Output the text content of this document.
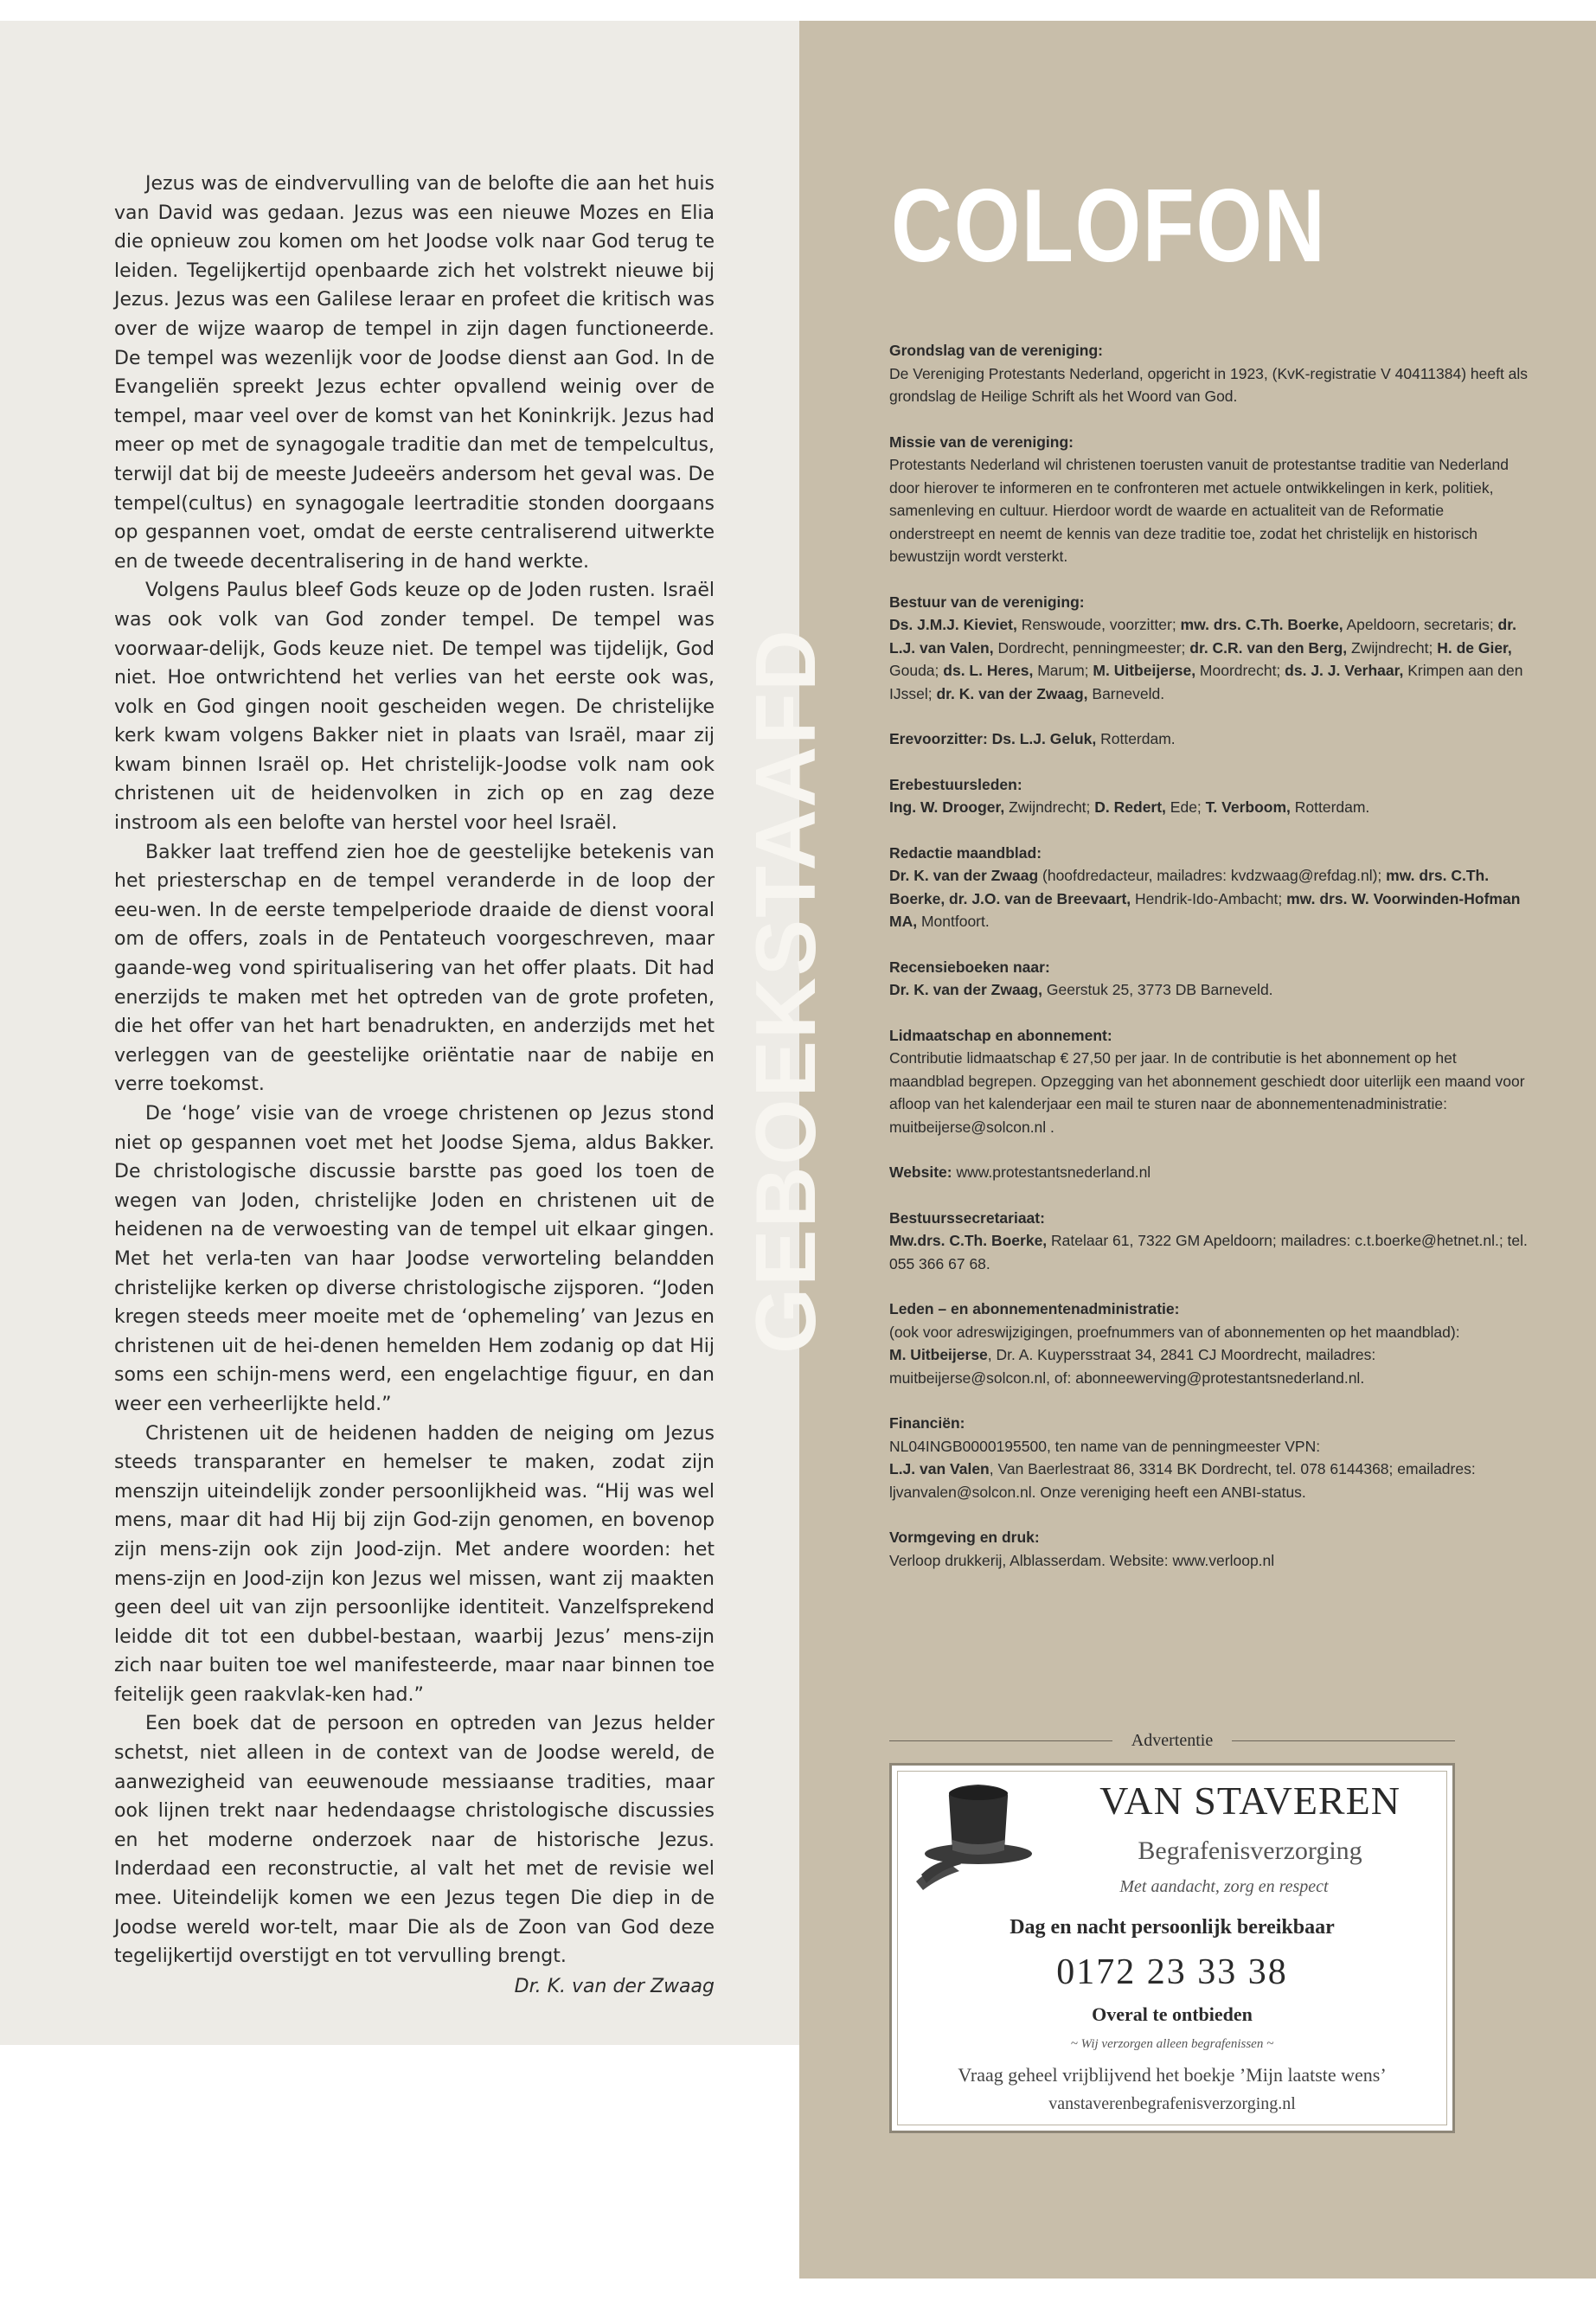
GEBOEKSTAAFD

Jezus was de eindvervulling van de belofte die aan het huis van David was gedaan. Jezus was een nieuwe Mozes en Elia die opnieuw zou komen om het Joodse volk naar God terug te leiden. Tegelijkertijd openbaarde zich het volstrekt nieuwe bij Jezus. Jezus was een Galilese leraar en profeet die kritisch was over de wijze waarop de tempel in zijn dagen functioneerde. De tempel was wezenlijk voor de Joodse dienst aan God. In de Evangeliën spreekt Jezus echter opvallend weinig over de tempel, maar veel over de komst van het Koninkrijk. Jezus had meer op met de synagogale traditie dan met de tempelcultus, terwijl dat bij de meeste Judeeërs andersom het geval was. De tempel(cultus) en synagogale leertraditie stonden doorgaans op gespannen voet, omdat de eerste centraliserend uitwerkte en de tweede decentralisering in de hand werkte.

Volgens Paulus bleef Gods keuze op de Joden rusten. Israël was ook volk van God zonder tempel. De tempel was voorwaar-delijk, Gods keuze niet. De tempel was tijdelijk, God niet. Hoe ontwrichtend het verlies van het eerste ook was, volk en God gingen nooit gescheiden wegen. De christelijke kerk kwam volgens Bakker niet in plaats van Israël, maar zij kwam binnen Israël op. Het christelijk-Joodse volk nam ook christenen uit de heidenvolken in zich op en zag deze instroom als een belofte van herstel voor heel Israël.

Bakker laat treffend zien hoe de geestelijke betekenis van het priesterschap en de tempel veranderde in de loop der eeu-wen. In de eerste tempelperiode draaide de dienst vooral om de offers, zoals in de Pentateuch voorgeschreven, maar gaande-weg vond spiritualisering van het offer plaats. Dit had enerzijds te maken met het optreden van de grote profeten, die het offer van het hart benadrukten, en anderzijds met het verleggen van de geestelijke oriëntatie naar de nabije en verre toekomst.

De ‘hoge’ visie van de vroege christenen op Jezus stond niet op gespannen voet met het Joodse Sjema, aldus Bakker. De christologische discussie barstte pas goed los toen de wegen van Joden, christelijke Joden en christenen uit de heidenen na de verwoesting van de tempel uit elkaar gingen. Met het verla-ten van haar Joodse verworteling belandden christelijke kerken op diverse christologische zijsporen. “Joden kregen steeds meer moeite met de ‘ophemeling’ van Jezus en christenen uit de hei-denen hemelden Hem zodanig op dat Hij soms een schijn-mens werd, een engelachtige figuur, en dan weer een verheerlijkte held.”

Christenen uit de heidenen hadden de neiging om Jezus steeds transparanter en hemelser te maken, zodat zijn menszijn uiteindelijk zonder persoonlijkheid was. “Hij was wel mens, maar dit had Hij bij zijn God-zijn genomen, en bovenop zijn mens-zijn ook zijn Jood-zijn. Met andere woorden: het mens-zijn en Jood-zijn kon Jezus wel missen, want zij maakten geen deel uit van zijn persoonlijke identiteit. Vanzelfsprekend leidde dit tot een dubbel-bestaan, waarbij Jezus’ mens-zijn zich naar buiten toe wel manifesteerde, maar naar binnen toe feitelijk geen raakvlak-ken had.”

Een boek dat de persoon en optreden van Jezus helder schetst, niet alleen in de context van de Joodse wereld, de aanwezigheid van eeuwenoude messiaanse tradities, maar ook lijnen trekt naar hedendaagse christologische discussies en het moderne onderzoek naar de historische Jezus. Inderdaad een reconstructie, al valt het met de revisie wel mee. Uiteindelijk komen we een Jezus tegen Die diep in de Joodse wereld wor-telt, maar Die als de Zoon van God deze tegelijkertijd overstijgt en tot vervulling brengt.

Dr. K. van der Zwaag
COLOFON
Grondslag van de vereniging:
De Vereniging Protestants Nederland, opgericht in 1923, (KvK-registratie V 40411384) heeft als grondslag de Heilige Schrift als het Woord van God.
Missie van de vereniging:
Protestants Nederland wil christenen toerusten vanuit de protestantse traditie van Nederland door hierover te informeren en te confronteren met actuele ontwikkelingen in kerk, politiek, samenleving en cultuur. Hierdoor wordt de waarde en actualiteit van de Reformatie onderstreept en neemt de kennis van deze traditie toe, zodat het christelijk en historisch bewustzijn wordt versterkt.
Bestuur van de vereniging:
Ds. J.M.J. Kieviet, Renswoude, voorzitter; mw. drs. C.Th. Boerke, Apeldoorn, secretaris; dr. L.J. van Valen, Dordrecht, penningmeester; dr. C.R. van den Berg, Zwijndrecht; H. de Gier, Gouda; ds. L. Heres, Marum; M. Uitbeijerse, Moordrecht; ds. J. J. Verhaar, Krimpen aan den IJssel; dr. K. van der Zwaag, Barneveld.
Erevoorzitter: Ds. L.J. Geluk, Rotterdam.
Erebestuursleden:
Ing. W. Drooger, Zwijndrecht; D. Redert, Ede; T. Verboom, Rotterdam.
Redactie maandblad:
Dr. K. van der Zwaag (hoofdredacteur, mailadres: kvdzwaag@refdag.nl); mw. drs. C.Th. Boerke, dr. J.O. van de Breevaart, Hendrik-Ido-Ambacht; mw. drs. W. Voorwinden-Hofman MA, Montfoort.
Recensieboeken naar:
Dr. K. van der Zwaag, Geerstuk 25, 3773 DB Barneveld.
Lidmaatschap en abonnement:
Contributie lidmaatschap € 27,50 per jaar. In de contributie is het abonnement op het maandblad begrepen. Opzegging van het abonnement geschiedt door uiterlijk een maand voor afloop van het kalenderjaar een mail te sturen naar de abonnementenadministratie: muitbeijerse@solcon.nl .
Website: www.protestantsnederland.nl
Bestuurssecretariaat:
Mw.drs. C.Th. Boerke, Ratelaar 61, 7322 GM Apeldoorn; mailadres: c.t.boerke@hetnet.nl.; tel. 055 366 67 68.
Leden – en abonnementenadministratie:
(ook voor adreswijzigingen, proefnummers van of abonnementen op het maandblad):
M. Uitbeijerse, Dr. A. Kuypersstraat 34, 2841 CJ Moordrecht, mailadres: muitbeijerse@solcon.nl, of: abonneewerving@protestantsnederland.nl.
Financiën:
NL04INGB0000195500, ten name van de penningmeester VPN:
L.J. van Valen, Van Baerlestraat 86, 3314 BK Dordrecht, tel. 078 6144368; emailadres: ljvanvalen@solcon.nl. Onze vereniging heeft een ANBI-status.
Vormgeving en druk:
Verloop drukkerij, Alblasserdam. Website: www.verloop.nl
Advertentie
VAN STAVEREN
Begrafenisverzorging
Met aandacht, zorg en respect
Dag en nacht persoonlijk bereikbaar
0172 23 33 38
Overal te ontbieden
~ Wij verzorgen alleen begrafenissen ~
Vraag geheel vrijblijvend het boekje ’Mijn laatste wens’
vanstaverenbegrafenisverzorging.nl
